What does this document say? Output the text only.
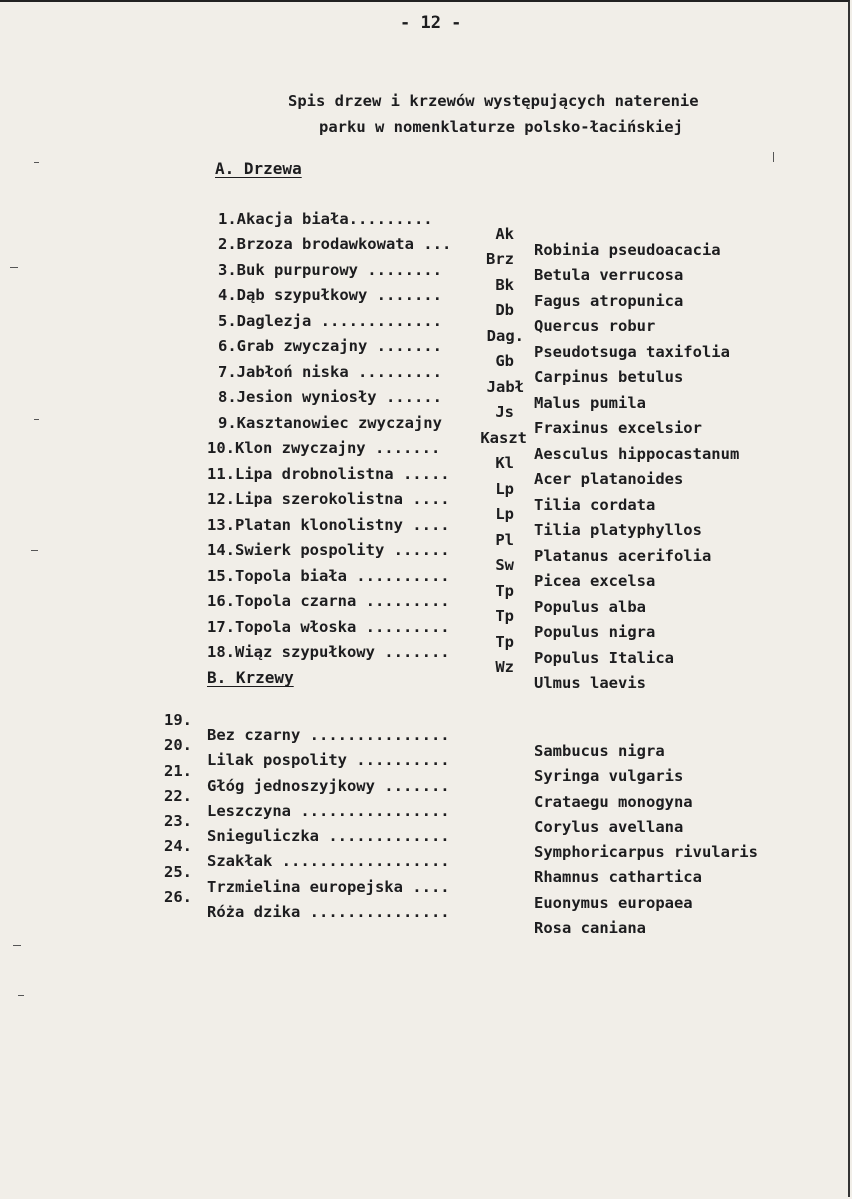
- 12 -
Spis drzew i krzewów występujących naterenie
parku w nomenklaturze polsko-łacińskiej
A. Drzewa

1.Akacja biała.........

Ak

Robinia pseudoacacia

2.Brzoza brodawkowata ...

Brz

Betula verrucosa

3.Buk purpurowy ........

Bk

Fagus atropunica

4.Dąb szypułkowy .......

Db

Quercus robur

5.Daglezja .............

Dag.

Pseudotsuga taxifolia

6.Grab zwyczajny .......

Gb

Carpinus betulus

7.Jabłoń niska .........

Jabł

Malus pumila

8.Jesion wyniosły ......

Js

Fraxinus excelsior

9.Kasztanowiec zwyczajny

Kaszt

Aesculus hippocastanum

10.Klon zwyczajny .......

Kl

Acer platanoides

11.Lipa drobnolistna .....

Lp

Tilia cordata

12.Lipa szerokolistna ....

Lp

Tilia platyphyllos

13.Platan klonolistny ....

Pl

Platanus acerifolia

14.Swierk pospolity ......

Sw

Picea excelsa

15.Topola biała ..........

Tp

Populus alba

16.Topola czarna .........

Tp

Populus nigra

17.Topola włoska .........

Tp

Populus Italica

18.Wiąz szypułkowy .......

Wz

Ulmus laevis

B. Krzewy

19.

Bez czarny ...............

Sambucus nigra

20.

Lilak pospolity ..........

Syringa vulgaris

21.

Głóg jednoszyjkowy .......

Crataegu monogyna

22.

Leszczyna ................

Corylus avellana

23.

Snieguliczka .............

Symphoricarpus rivularis

24.

Szakłak ..................

Rhamnus cathartica

25.

Trzmielina europejska ....

Euonymus europaea

26.

Róża dzika ...............

Rosa caniana
